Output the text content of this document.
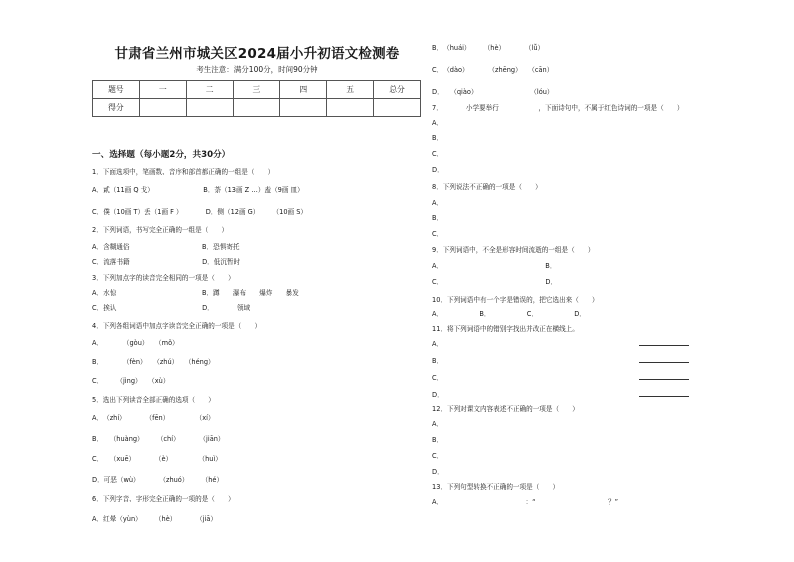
甘肃省兰州市城关区2024届小升初语文检测卷
考生注意：满分100分，时间90分钟
题号	一	二	三	四	五	总分
得分						
一、选择题（每小题2分，共30分）
1．下面选项中，笔画数、音序和部首都正确的一组是（　　）
A．貳（11画 Q 戈）　　　　　　　　B．荼（13画 Z …）盍（9画 皿）
C．僕（10画 T）丢（1画 F ）　　　　D．侧（12画 G）　　　（10画 S）
2．下列词语，书写完全正确的一组是（　　）
A．含糊通俗　　　　　　　　　　　B．恐惧寄托
C．流落书籍　　　　　　　　　　　D．低沉暂时
3．下列加点字的读音完全相同的一项是（　　）
A．水惊　　　　　　　　　　　　　B．蹲　　瀑布　　爆炸　　暴发
C．挨认　　　　　　　　　　　　　D．　　　　领域　　　　
4．下列各组词语中加点字读音完全正确的一项是（　　）
A．　　　　（gòu）　　（mǒ）
B．　　　　（fèn）　　（zhú）　　（héng）
C．　　　（jìng）　　（xù）
5．选出下列读音全部正确的选项（　　）
A．　（zhí）　　　　（fēn）　　　　　（xí）
B．　　（huàng）　　　（chí）　　　　（jiān）
C．　　（xuē）　　　　（è）　　　　　（huì）
D．可恶（wù）　　　　（zhuó）　　　（hé）
6．下列字音、字形完全正确的一项的是（　　）
A．红晕（yùn）　　　（hè）　　　　（jiā）　　　　
B．　（huái）　　　（hè）　　　　（lǚ）　　　　
C．　（dào）　　　　（zhēng）　　（cān）　　　　
D．　　（qiào）　　　　　　　　　（lóu）　　
7．　　　　小学要举行　　　　　　，下面诗句中，不属于红色诗词的一项是（　　）
A．
B．
C．
D．
8．下列说法不正确的一项是（　　）
A．
B．
C．
9．下列词语中，不全是形容时间流逝的一组是（　　）
A．　　　　　　　　　　　　　　　　B．
C．　　　　　　　　　　　　　　　　D．
10．下列词语中有一个字是错误的，把它选出来（　　）
A．　　　　　　B．　　　　　　C．　　　　　　D．
11．将下列词语中的错别字找出并改正在横线上。
A．
B．
C．
D．
12．下列对课文内容表述不正确的一项是（　　）
A．
B．
C．
D．
13．下列句型转换不正确的一项是（　　）
A．　　　　　　　　　　　　　：“　　　　　　　　　　　？”
